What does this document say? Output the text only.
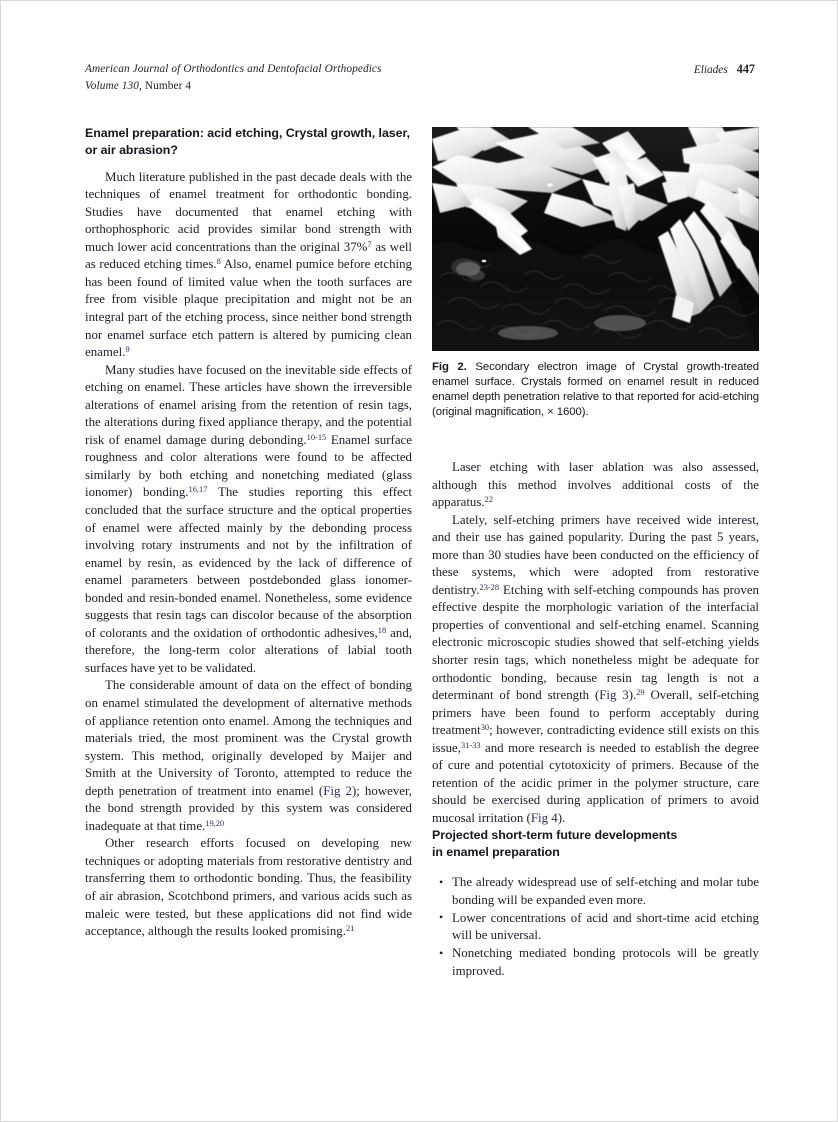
American Journal of Orthodontics and Dentofacial Orthopedics
Volume 130, Number 4
Eliades 447
Enamel preparation: acid etching, Crystal growth, laser, or air abrasion?

Much literature published in the past decade deals with the techniques of enamel treatment for orthodontic bonding. Studies have documented that enamel etching with orthophosphoric acid provides similar bond strength with much lower acid concentrations than the original 37%$^7$ as well as reduced etching times.$^8$ Also, enamel pumice before etching has been found of limited value when the tooth surfaces are free from visible plaque precipitation and might not be an integral part of the etching process, since neither bond strength nor enamel surface etch pattern is altered by pumicing clean enamel.$^9$

Many studies have focused on the inevitable side effects of etching on enamel. These articles have shown the irreversible alterations of enamel arising from the retention of resin tags, the alterations during fixed appliance therapy, and the potential risk of enamel damage during debonding.$^{10-15}$ Enamel surface roughness and color alterations were found to be affected similarly by both etching and nonetching mediated (glass ionomer) bonding.$^{16,17}$ The studies reporting this effect concluded that the surface structure and the optical properties of enamel were affected mainly by the debonding process involving rotary instruments and not by the infiltration of enamel by resin, as evidenced by the lack of difference of enamel parameters between postdebonded glass ionomer-bonded and resin-bonded enamel. Nonetheless, some evidence suggests that resin tags can discolor because of the absorption of colorants and the oxidation of orthodontic adhesives,$^{18}$ and, therefore, the long-term color alterations of labial tooth surfaces have yet to be validated.

The considerable amount of data on the effect of bonding on enamel stimulated the development of alternative methods of appliance retention onto enamel. Among the techniques and materials tried, the most prominent was the Crystal growth system. This method, originally developed by Maijer and Smith at the University of Toronto, attempted to reduce the depth penetration of treatment into enamel (Fig 2); however, the bond strength provided by this system was considered inadequate at that time.$^{19,20}$

Other research efforts focused on developing new techniques or adopting materials from restorative dentistry and transferring them to orthodontic bonding. Thus, the feasibility of air abrasion, Scotchbond primers, and various acids such as maleic were tested, but these applications did not find wide acceptance, although the results looked promising.$^{21}$

Fig 2. Secondary electron image of Crystal growth-treated enamel surface. Crystals formed on enamel result in reduced enamel depth penetration relative to that reported for acid-etching (original magnification, × 1600).

Laser etching with laser ablation was also assessed, although this method involves additional costs of the apparatus.$^{22}$

Lately, self-etching primers have received wide interest, and their use has gained popularity. During the past 5 years, more than 30 studies have been conducted on the efficiency of these systems, which were adopted from restorative dentistry.$^{23-28}$ Etching with self-etching compounds has proven effective despite the morphologic variation of the interfacial properties of conventional and self-etching enamel. Scanning electronic microscopic studies showed that self-etching yields shorter resin tags, which nonetheless might be adequate for orthodontic bonding, because resin tag length is not a determinant of bond strength (Fig 3).$^{29}$ Overall, self-etching primers have been found to perform acceptably during treatment$^{30}$; however, contradicting evidence still exists on this issue,$^{31-33}$ and more research is needed to establish the degree of cure and potential cytotoxicity of primers. Because of the retention of the acidic primer in the polymer structure, care should be exercised during application of primers to avoid mucosal irritation (Fig 4).

Projected short-term future developments
in enamel preparation
• The already widespread use of self-etching and molar tube bonding will be expanded even more.
• Lower concentrations of acid and short-time acid etching will be universal.
• Nonetching mediated bonding protocols will be greatly improved.
